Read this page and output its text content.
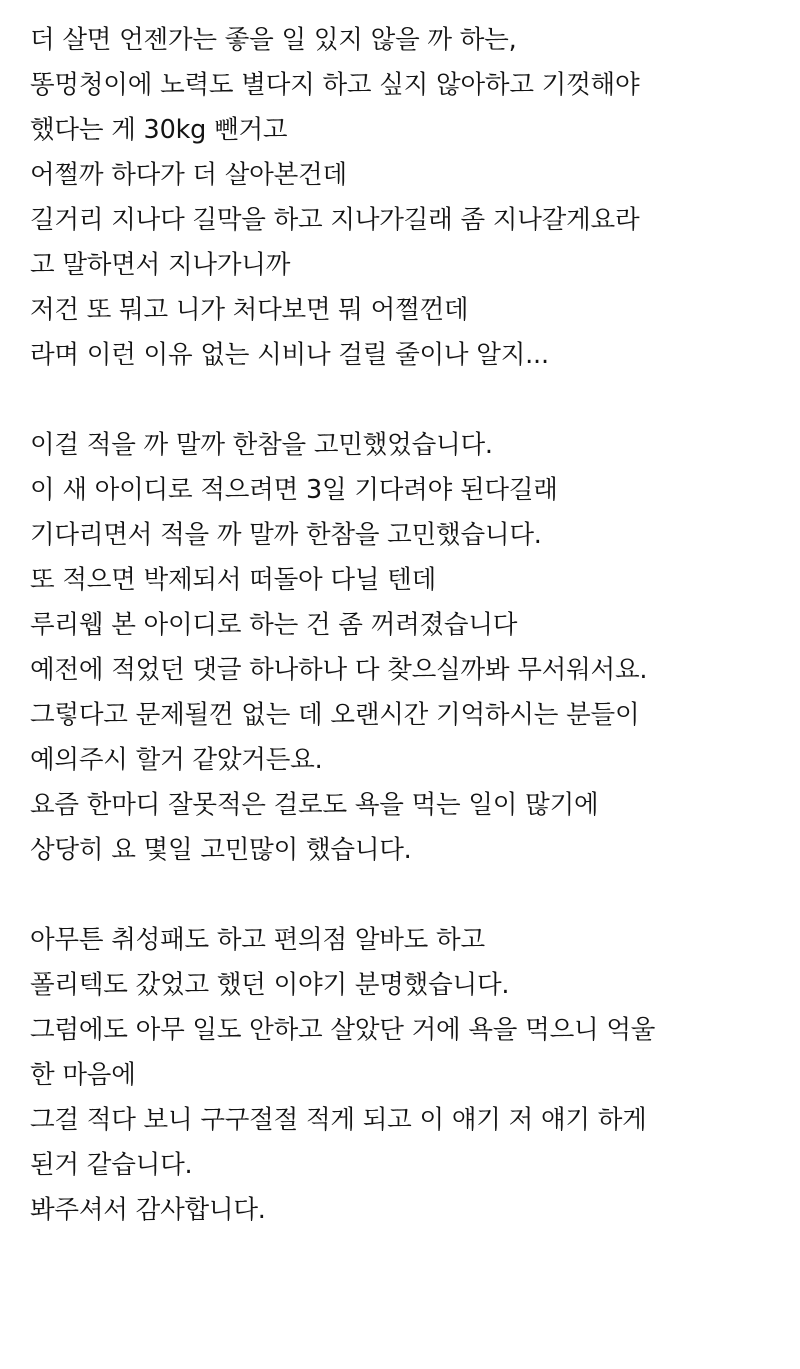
더 살면 언젠가는 좋을 일 있지 않을 까 하는,
똥멍청이에 노력도 별다지 하고 싶지 않아하고 기껏해야
했다는 게 30kg 뺀거고
어쩔까 하다가 더 살아본건데
길거리 지나다 길막을 하고 지나가길래 좀 지나갈게요라
고 말하면서 지나가니까
저건 또 뭐고 니가 처다보면 뭐 어쩔껀데
라며 이런 이유 없는 시비나 걸릴 줄이나 알지...

이걸 적을 까 말까 한참을 고민했었습니다.
이 새 아이디로 적으려면 3일 기다려야 된다길래
기다리면서 적을 까 말까 한참을 고민했습니다.
또 적으면 박제되서 떠돌아 다닐 텐데
루리웹 본 아이디로 하는 건 좀 꺼려졌습니다
예전에 적었던 댓글 하나하나 다 찾으실까봐 무서워서요.
그렇다고 문제될껀 없는 데 오랜시간 기억하시는 분들이
예의주시 할거 같았거든요.
요즘 한마디 잘못적은 걸로도 욕을 먹는 일이 많기에
상당히 요 몇일 고민많이 했습니다.

아무튼 취성패도 하고 편의점 알바도 하고
폴리텍도 갔었고 했던 이야기 분명했습니다.
그럼에도 아무 일도 안하고 살았단 거에 욕을 먹으니 억울
한 마음에
그걸 적다 보니 구구절절 적게 되고 이 얘기 저 얘기 하게
된거 같습니다.
봐주셔서 감사합니다.
